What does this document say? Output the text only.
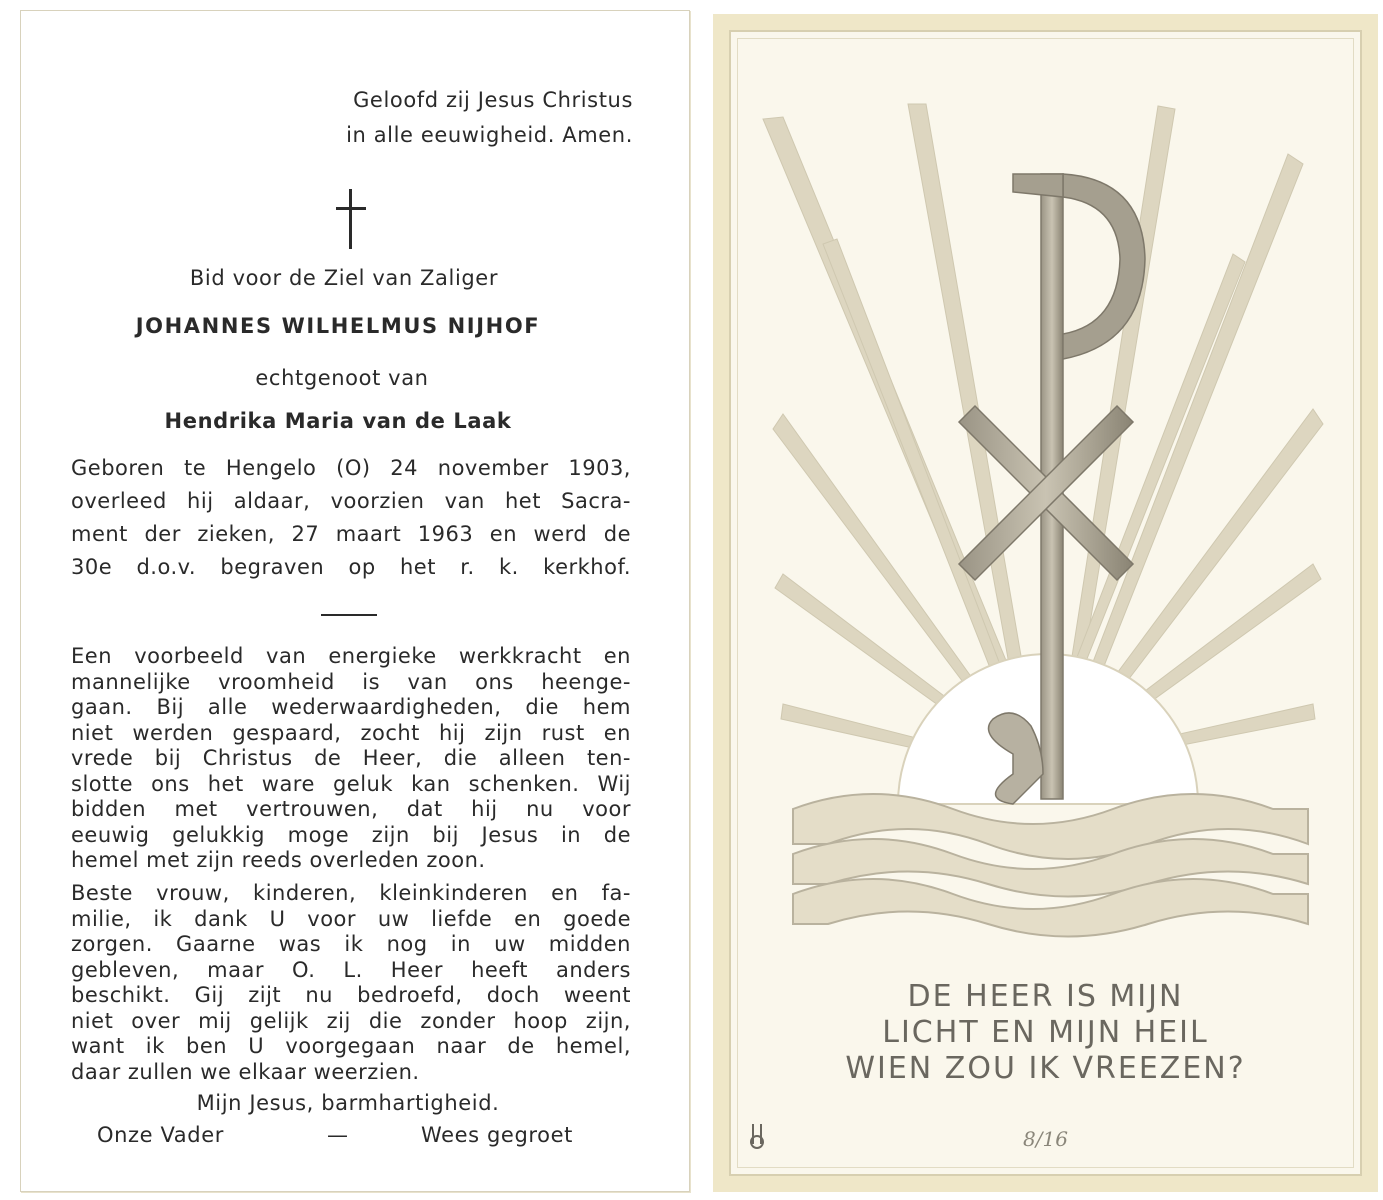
Geloofd zij Jesus Christus
in alle eeuwigheid. Amen.
Bid voor de Ziel van Zaliger
JOHANNES WILHELMUS NIJHOF
echtgenoot van
Hendrika Maria van de Laak
Geboren te Hengelo (O) 24 november 1903,
overleed hij aldaar, voorzien van het Sacra-
ment der zieken, 27 maart 1963 en werd de
30e d.o.v. begraven op het r. k. kerkhof.
Een voorbeeld van energieke werkkracht en
mannelijke vroomheid is van ons heenge-
gaan. Bij alle wederwaardigheden, die hem
niet werden gespaard, zocht hij zijn rust en
vrede bij Christus de Heer, die alleen ten-
slotte ons het ware geluk kan schenken. Wij
bidden met vertrouwen, dat hij nu voor
eeuwig gelukkig moge zijn bij Jesus in de
hemel met zijn reeds overleden zoon.
Beste vrouw, kinderen, kleinkinderen en fa-
milie, ik dank U voor uw liefde en goede
zorgen. Gaarne was ik nog in uw midden
gebleven, maar O. L. Heer heeft anders
beschikt. Gij zijt nu bedroefd, doch weent
niet over mij gelijk zij die zonder hoop zijn,
want ik ben U voorgegaan naar de hemel,
daar zullen we elkaar weerzien.
Mijn Jesus, barmhartigheid.
Onze Vader	—	Wees gegroet
DE HEER IS MIJN
LICHT EN MIJN HEIL
WIEN ZOU IK VREEZEN?
8/16
